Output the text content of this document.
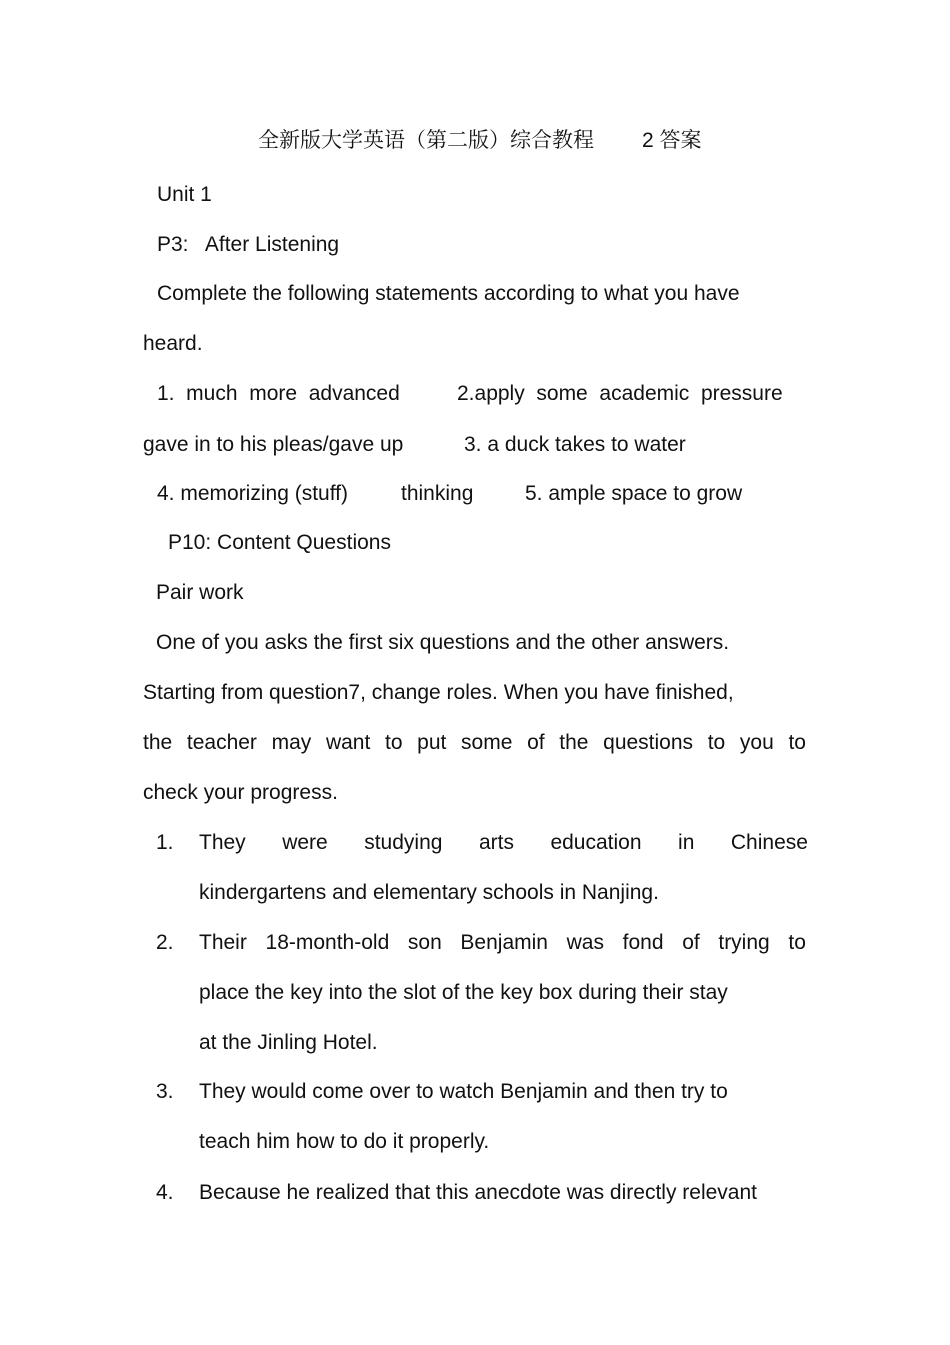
全新版大学英语（第二版）综合教程 2 答案
Unit 1
P3:   After Listening
Complete the following statements according to what you have
heard.
1.  much  more  advanced	2.apply  some  academic  pressure
gave in to his pleas/gave up	3. a duck takes to water
4. memorizing (stuff)	thinking 5. ample space to grow
P10: Content Questions
Pair work
One of you asks the first six questions and the other answers.
Starting from question7, change roles. When you have finished,
the teacher may want to put some of the questions to you to
check your progress.
1. They were studying arts education in Chinese
kindergartens and elementary schools in Nanjing.
2. Their 18-month-old son Benjamin was fond of trying to
place the key into the slot of the key box during their stay
at the Jinling Hotel.
3. They would come over to watch Benjamin and then try to
teach him how to do it properly.
4. Because he realized that this anecdote was directly relevant
